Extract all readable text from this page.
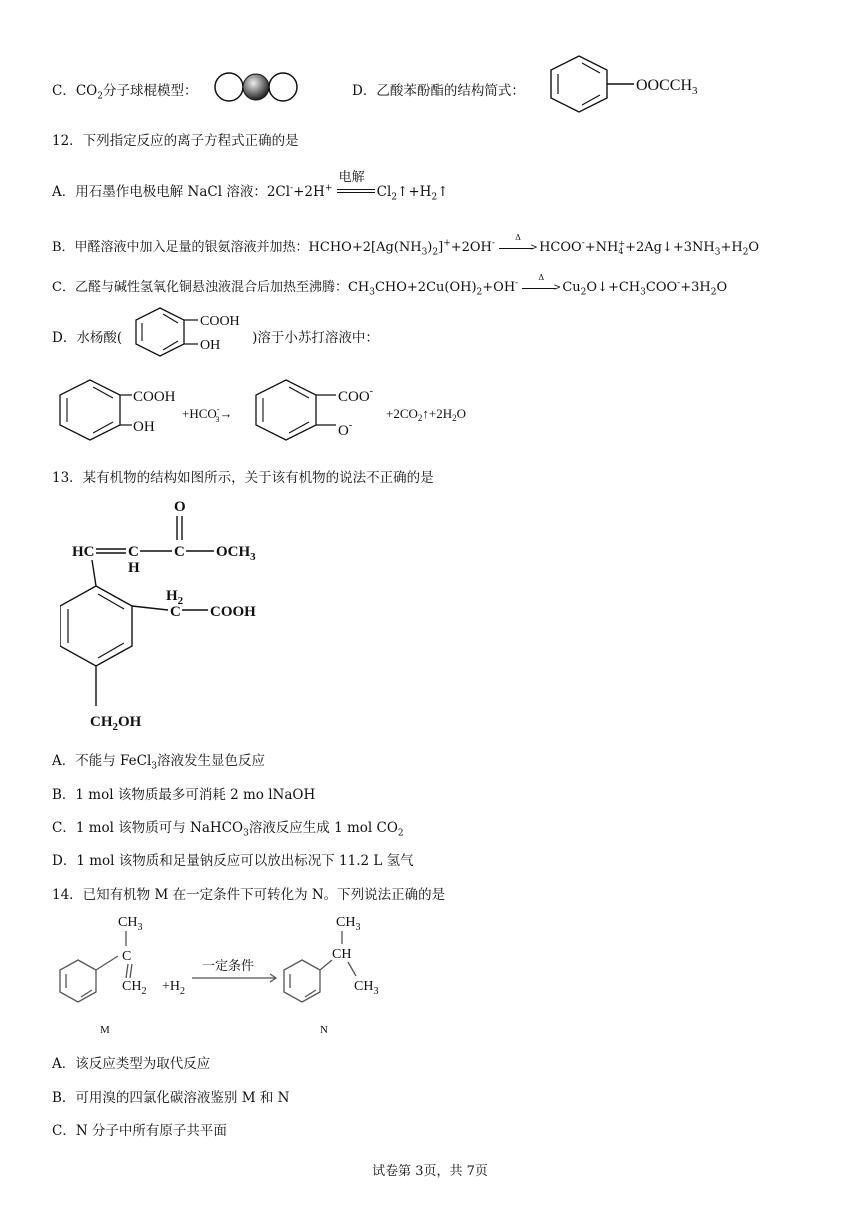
C．$CO_2$分子球棍模型：	D．乙酸苯酚酯的结构简式：	$OOCCH_3$
12．下列指定反应的离子方程式正确的是
A．用石墨作电极电解 NaCl 溶液：2Cl-+2H+
电解
$Cl_2↑+H_2↑$
B．甲醛溶液中加入足量的银氨溶液并加热：$HCHO+2[Ag(NH_3)_2]^++2OH^-$
Δ
> HCOO-+NH +
$4 +2Ag↓+3NH_3+H_2O$
C．乙醛与碱性氢氧化铜悬浊液混合后加热至沸腾：$CH_3CHO+2Cu(OH)_2+OH^-$
Δ
> $Cu_2O↓+CH_3COO^-+3H_2O$
D．水杨酸(	)溶于小苏打溶液中：
COOH
OH
COOH
OH
+HCO-3→
COO-
O-
$+2CO_2↑+2H_2O$
13．某有机物的结构如图所示，关于该有机物的说法不正确的是
O
HC C
H
C $OCH_3$
$H_2$
C COOH
$CH_2OH$
A．不能与 FeCl$_3$溶液发生显色反应
B．1 mol 该物质最多可消耗 2 mo lNaOH
C．1 mol 该物质可与 NaHCO$_3$溶液反应生成 1 mol $CO_2$
D．1 mol 该物质和足量钠反应可以放出标况下 11.2 L 氢气
14．已知有机物 M 在一定条件下可转化为 N。下列说法正确的是
$CH_3$
C
$CH_2 +H_2$
一定条件
$CH_3$
CH
$CH_3$
M	N
A．该反应类型为取代反应
B．可用溴的四氯化碳溶液鉴别 M 和 N
C．N 分子中所有原子共平面
试卷第 3页，共 7页
